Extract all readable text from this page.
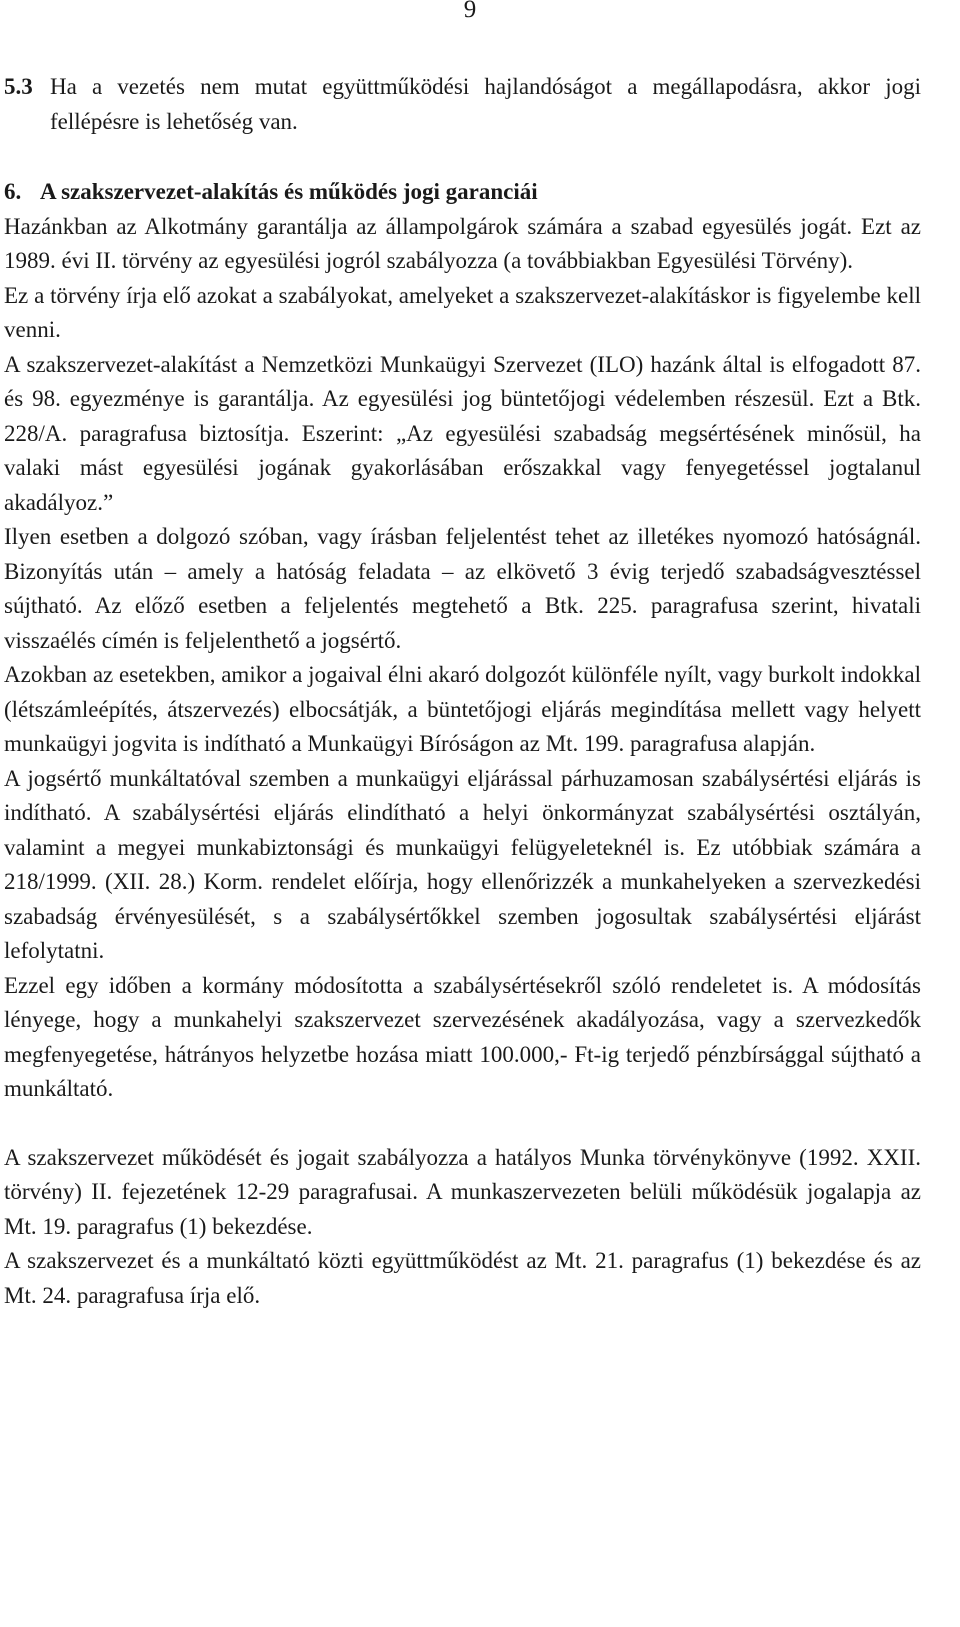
9
5.3 Ha a vezetés nem mutat együttműködési hajlandóságot a megállapodásra, akkor jogi fellépésre is lehetőség van.

6. A szakszervezet-alakítás és működés jogi garanciái

Hazánkban az Alkotmány garantálja az állampolgárok számára a szabad egyesülés jogát. Ezt az 1989. évi II. törvény az egyesülési jogról szabályozza (a továbbiakban Egyesülési Törvény).

Ez a törvény írja elő azokat a szabályokat, amelyeket a szakszervezet-alakításkor is figyelembe kell venni.

A szakszervezet-alakítást a Nemzetközi Munkaügyi Szervezet (ILO) hazánk által is elfogadott 87. és 98. egyezménye is garantálja. Az egyesülési jog büntetőjogi védelemben részesül. Ezt a Btk. 228/A. paragrafusa biztosítja. Eszerint: „Az egyesülési szabadság megsértésének minősül, ha valaki mást egyesülési jogának gyakorlásában erőszakkal vagy fenyegetéssel jogtalanul akadályoz.”

Ilyen esetben a dolgozó szóban, vagy írásban feljelentést tehet az illetékes nyomozó hatóságnál. Bizonyítás után – amely a hatóság feladata – az elkövető 3 évig terjedő szabadságvesztéssel sújtható. Az előző esetben a feljelentés megtehető a Btk. 225. paragrafusa szerint, hivatali visszaélés címén is feljelenthető a jogsértő.

Azokban az esetekben, amikor a jogaival élni akaró dolgozót különféle nyílt, vagy burkolt indokkal (létszámleépítés, átszervezés) elbocsátják, a büntetőjogi eljárás megindítása mellett vagy helyett munkaügyi jogvita is indítható a Munkaügyi Bíróságon az Mt. 199. paragrafusa alapján.

A jogsértő munkáltatóval szemben a munkaügyi eljárással párhuzamosan szabálysértési eljárás is indítható. A szabálysértési eljárás elindítható a helyi önkormányzat szabálysértési osztályán, valamint a megyei munkabiztonsági és munkaügyi felügyeleteknél is. Ez utóbbiak számára a 218/1999. (XII. 28.) Korm. rendelet előírja, hogy ellenőrizzék a munkahelyeken a szervezkedési szabadság érvényesülését, s a szabálysértőkkel szemben jogosultak szabálysértési eljárást lefolytatni.

Ezzel egy időben a kormány módosította a szabálysértésekről szóló rendeletet is. A módosítás lényege, hogy a munkahelyi szakszervezet szervezésének akadályozása, vagy a szervezkedők megfenyegetése, hátrányos helyzetbe hozása miatt 100.000,- Ft-ig terjedő pénzbírsággal sújtható a munkáltató.

A szakszervezet működését és jogait szabályozza a hatályos Munka törvénykönyve (1992. XXII. törvény) II. fejezetének 12-29 paragrafusai. A munkaszervezeten belüli működésük jogalapja az Mt. 19. paragrafus (1) bekezdése.

A szakszervezet és a munkáltató közti együttműködést az Mt. 21. paragrafus (1) bekezdése és az Mt. 24. paragrafusa írja elő.
